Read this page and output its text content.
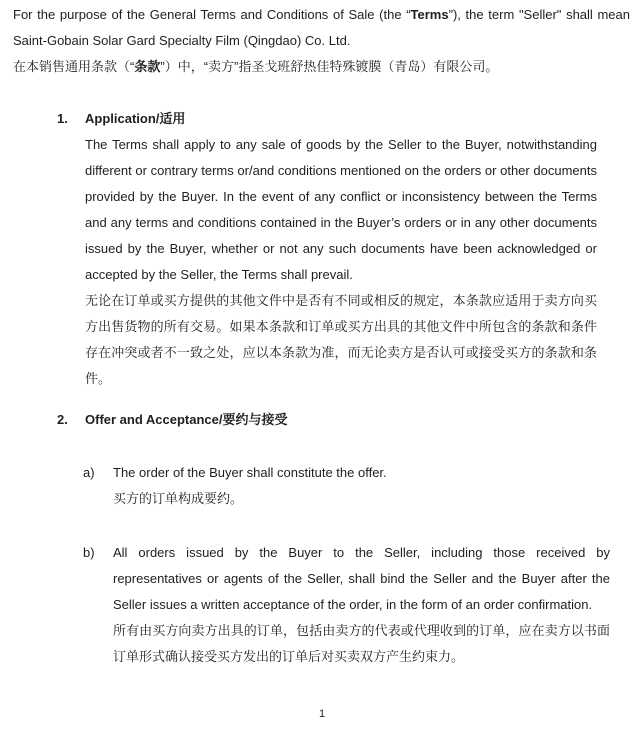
For the purpose of the General Terms and Conditions of Sale (the “Terms”), the term "Seller" shall mean Saint-Gobain Solar Gard Specialty Film (Qingdao) Co. Ltd.
在本销售通用条款（“条款”）中，“卖方”指圣戈班舒热佳特殊镀膜（青岛）有限公司。
1.	Application/适用
The Terms shall apply to any sale of goods by the Seller to the Buyer, notwithstanding different or contrary terms or/and conditions mentioned on the orders or other documents provided by the Buyer. In the event of any conflict or inconsistency between the Terms and any terms and conditions contained in the Buyer’s orders or in any other documents issued by the Buyer, whether or not any such documents have been acknowledged or accepted by the Seller, the Terms shall prevail.
无论在订单或买方提供的其他文件中是否有不同或相反的规定，本条款应适用于卖方向买方出售货物的所有交易。如果本条款和订单或买方出具的其他文件中所包含的条款和条件存在冲突或者不一致之处，应以本条款为准，而无论卖方是否认可或接受买方的条款和条件。
2.	Offer and Acceptance/要约与接受
a)	The order of the Buyer shall constitute the offer.
买方的订单构成要约。
b)	All orders issued by the Buyer to the Seller, including those received by representatives or agents of the Seller, shall bind the Seller and the Buyer after the Seller issues a written acceptance of the order, in the form of an order confirmation.
所有由买方向卖方出具的订单，包括由卖方的代表或代理收到的订单，应在卖方以书面订单形式确认接受买方发出的订单后对买卖双方产生约束力。
1
